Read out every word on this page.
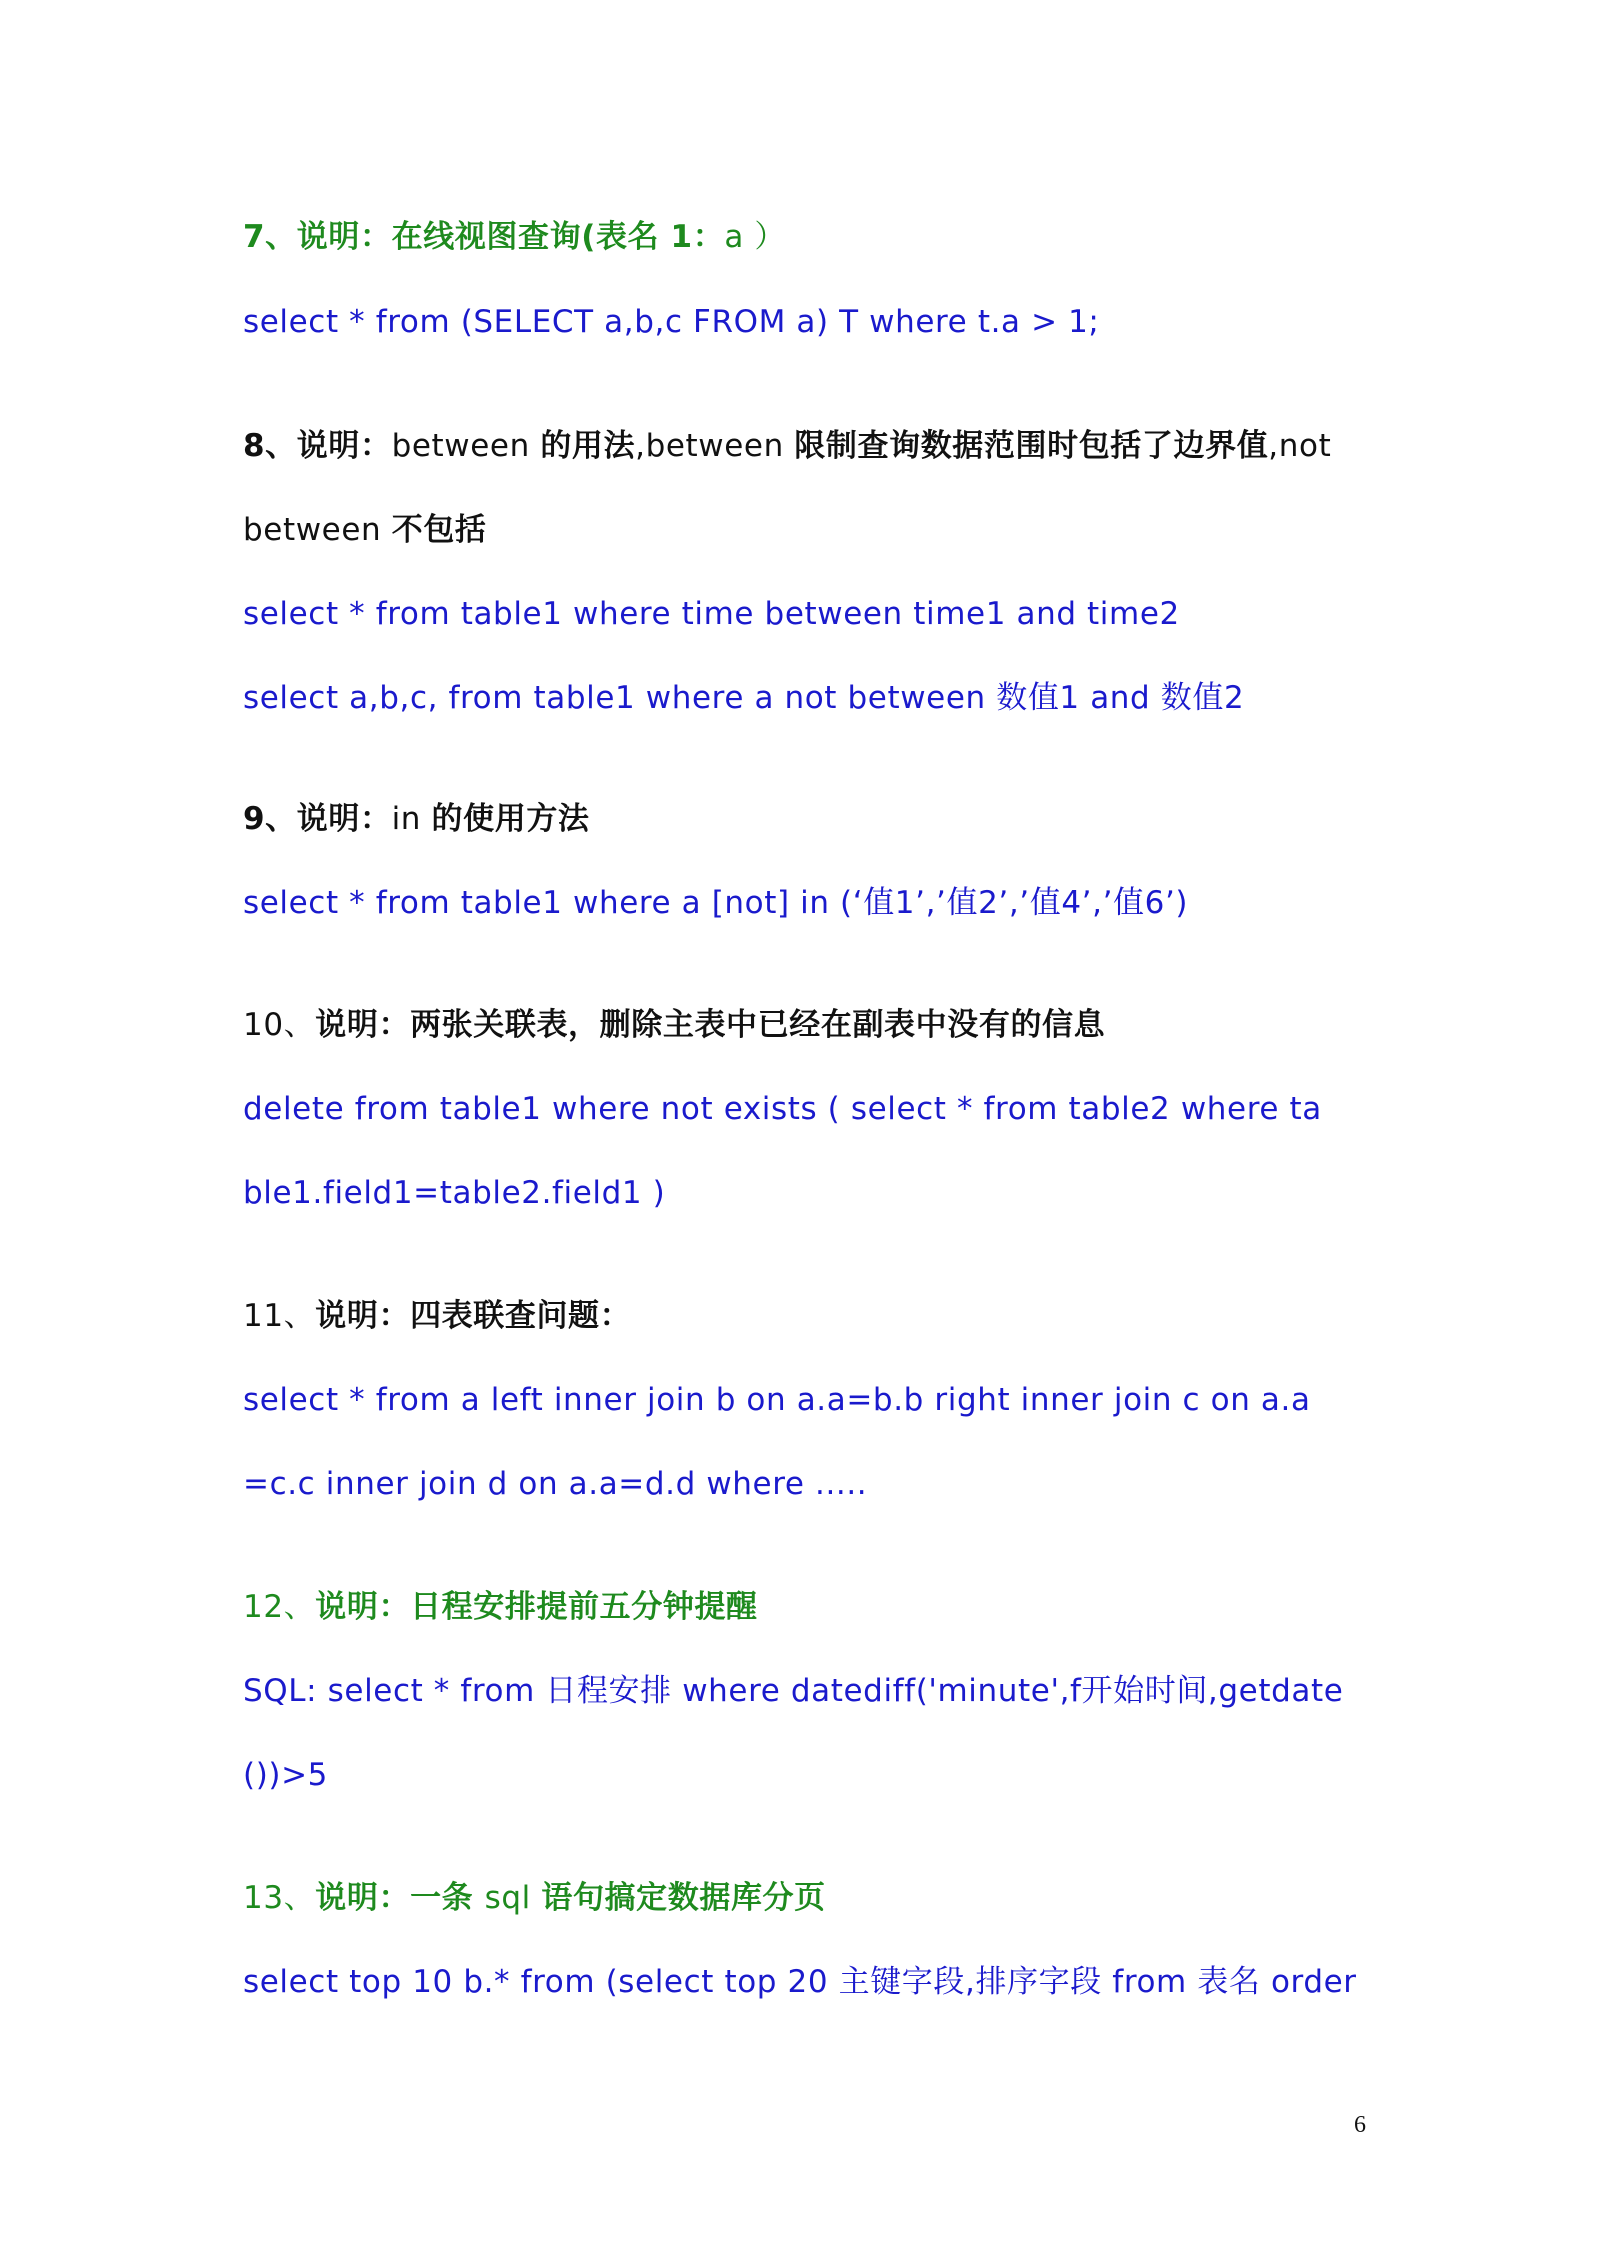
7、说明：在线视图查询(表名 1：a ）
select * from (SELECT a,b,c FROM a) T where t.a > 1;
8、说明：between 的用法,between 限制查询数据范围时包括了边界值,not
between 不包括
select * from table1 where time between time1 and time2
select a,b,c, from table1 where a not between 数值1 and 数值2
9、说明：in 的使用方法
select * from table1 where a [not] in (‘值1’,’值2’,’值4’,’值6’)
10、说明：两张关联表，删除主表中已经在副表中没有的信息
delete from table1 where not exists ( select * from table2 where ta
ble1.field1=table2.field1 )
11、说明：四表联查问题：
select * from a left inner join b on a.a=b.b right inner join c on a.a
=c.c inner join d on a.a=d.d where .....
12、说明：日程安排提前五分钟提醒
SQL: select * from 日程安排 where datediff('minute',f开始时间,getdate
())>5
13、说明：一条 sql 语句搞定数据库分页
select top 10 b.* from (select top 20 主键字段,排序字段 from 表名 order
6
